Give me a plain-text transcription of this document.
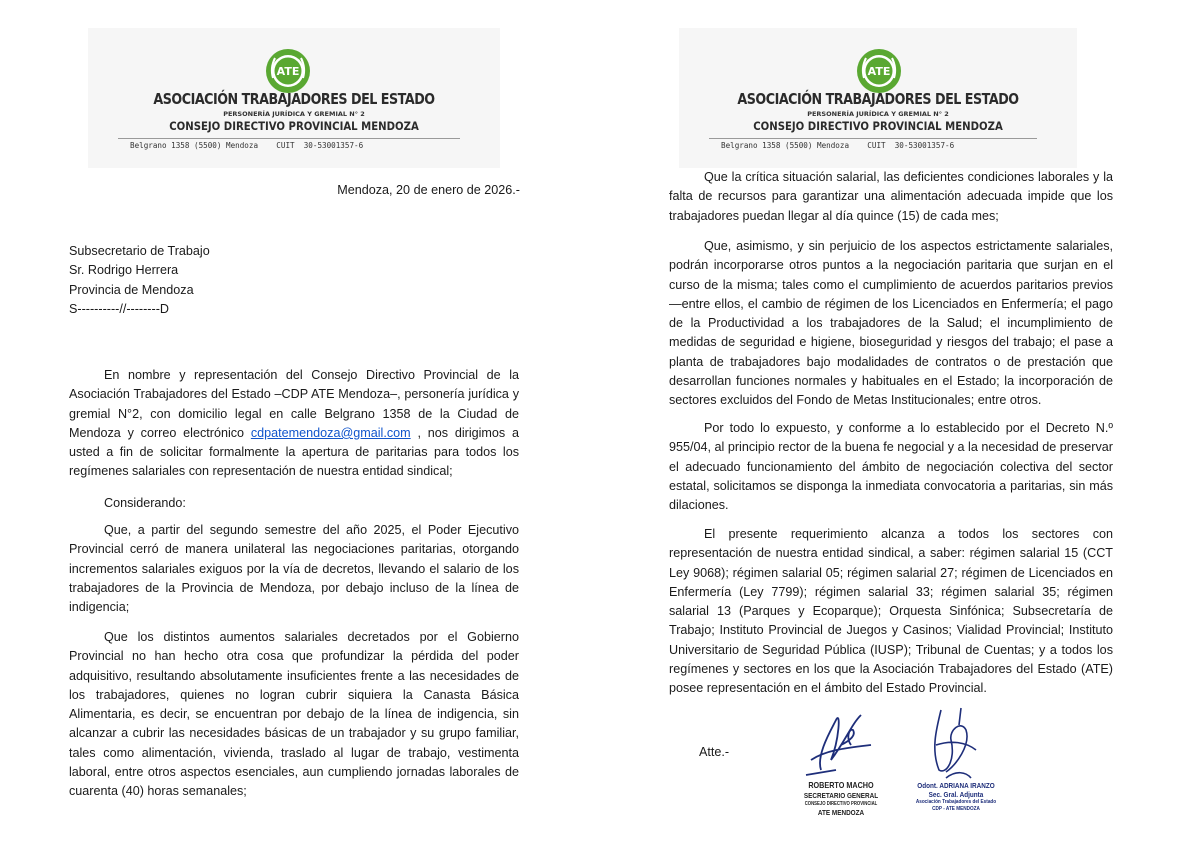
ATE
ASOCIACIÓN TRABAJADORES DEL ESTADO
PERSONERÍA JURÍDICA Y GREMIAL N° 2
CONSEJO DIRECTIVO PROVINCIAL MENDOZA
Belgrano 1358 (5500) Mendoza    CUIT  30-53001357-6
Mendoza, 20 de enero de 2026.-
Subsecretario de Trabajo
Sr. Rodrigo Herrera
Provincia de Mendoza
S----------//--------D

En nombre y representación del Consejo Directivo Provincial de la Asociación Trabajadores del Estado –CDP ATE Mendoza–, personería jurídica y gremial N°2, con domicilio legal en calle Belgrano 1358 de la Ciudad de Mendoza y correo electrónico cdpatemendoza@gmail.com , nos dirigimos a usted a fin de solicitar formalmente la apertura de paritarias para todos los regímenes salariales con representación de nuestra entidad sindical;

Considerando:

Que, a partir del segundo semestre del año 2025, el Poder Ejecutivo Provincial cerró de manera unilateral las negociaciones paritarias, otorgando incrementos salariales exiguos por la vía de decretos, llevando el salario de los trabajadores de la Provincia de Mendoza, por debajo incluso de la línea de indigencia;

Que los distintos aumentos salariales decretados por el Gobierno Provincial no han hecho otra cosa que profundizar la pérdida del poder adquisitivo, resultando absolutamente insuficientes frente a las necesidades de los trabajadores, quienes no logran cubrir siquiera la Canasta Básica Alimentaria, es decir, se encuentran por debajo de la línea de indigencia, sin alcanzar a cubrir las necesidades básicas de un trabajador y su grupo familiar, tales como alimentación, vivienda, traslado al lugar de trabajo, vestimenta laboral, entre otros aspectos esenciales, aun cumpliendo jornadas laborales de cuarenta (40) horas semanales;

ATE
ASOCIACIÓN TRABAJADORES DEL ESTADO
PERSONERÍA JURÍDICA Y GREMIAL N° 2
CONSEJO DIRECTIVO PROVINCIAL MENDOZA
Belgrano 1358 (5500) Mendoza    CUIT  30-53001357-6

Que la crítica situación salarial, las deficientes condiciones laborales y la falta de recursos para garantizar una alimentación adecuada impide que los trabajadores puedan llegar al día quince (15) de cada mes;

Que, asimismo, y sin perjuicio de los aspectos estrictamente salariales, podrán incorporarse otros puntos a la negociación paritaria que surjan en el curso de la misma; tales como el cumplimiento de acuerdos paritarios previos —entre ellos, el cambio de régimen de los Licenciados en Enfermería; el pago de la Productividad a los trabajadores de la Salud; el incumplimiento de medidas de seguridad e higiene, bioseguridad y riesgos del trabajo; el pase a planta de trabajadores bajo modalidades de contratos o de prestación que desarrollan funciones normales y habituales en el Estado; la incorporación de sectores excluidos del Fondo de Metas Institucionales; entre otros.

Por todo lo expuesto, y conforme a lo establecido por el Decreto N.º 955/04, al principio rector de la buena fe negocial y a la necesidad de preservar el adecuado funcionamiento del ámbito de negociación colectiva del sector estatal, solicitamos se disponga la inmediata convocatoria a paritarias, sin más dilaciones.

El presente requerimiento alcanza a todos los sectores con representación de nuestra entidad sindical, a saber: régimen salarial 15 (CCT Ley 9068); régimen salarial 05; régimen salarial 27; régimen de Licenciados en Enfermería (Ley 7799); régimen salarial 33; régimen salarial 35; régimen salarial 13 (Parques y Ecoparque); Orquesta Sinfónica; Subsecretaría de Trabajo; Instituto Provincial de Juegos y Casinos; Vialidad Provincial; Instituto Universitario de Seguridad Pública (IUSP); Tribunal de Cuentas; y a todos los regímenes y sectores en los que la Asociación Trabajadores del Estado (ATE) posee representación en el ámbito del Estado Provincial.

Atte.-
ROBERTO MACHO
SECRETARIO GENERAL
CONSEJO DIRECTIVO PROVINCIAL
ATE MENDOZA
Odont. ADRIANA IRANZO
Sec. Gral. Adjunta
Asociación Trabajadores del Estado
CDP - ATE MENDOZA
